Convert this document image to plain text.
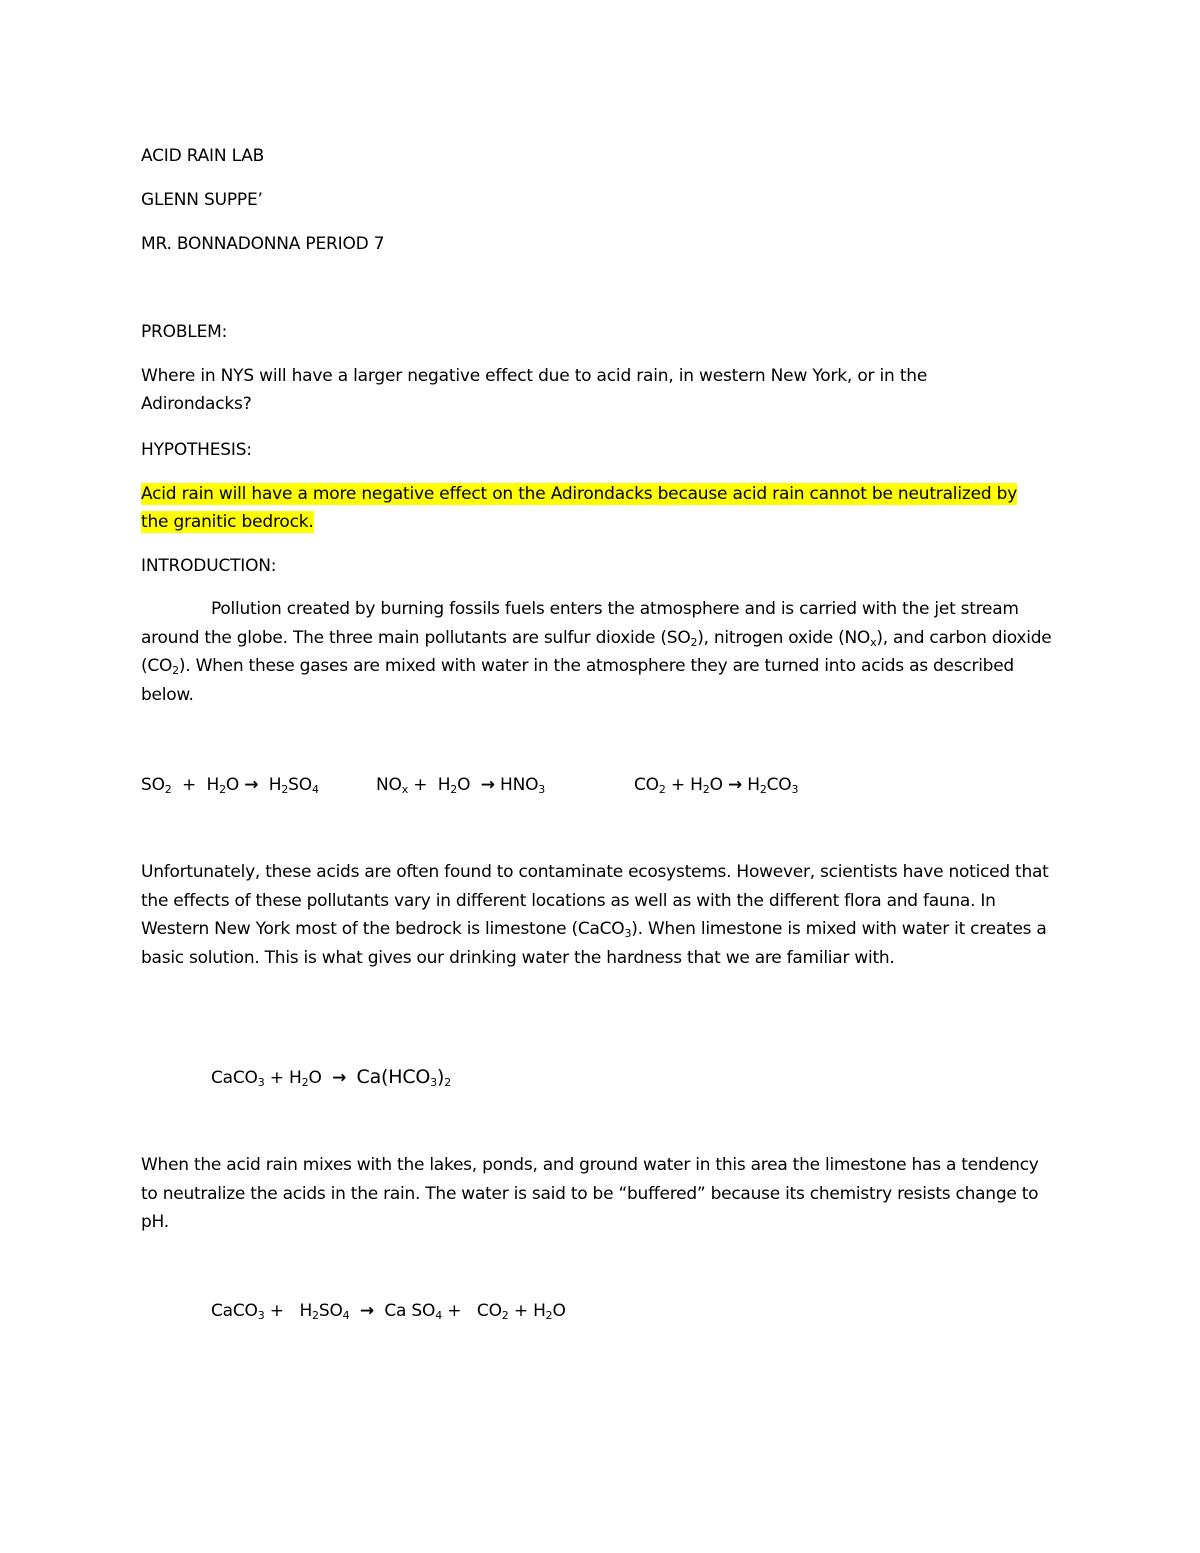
ACID RAIN LAB
GLENN SUPPE’
MR. BONNADONNA PERIOD 7
PROBLEM:
Where in NYS will have a larger negative effect due to acid rain, in western New York, or in the
Adirondacks?
HYPOTHESIS:
Acid rain will have a more negative effect on the Adirondacks because acid rain cannot be neutralized by
the granitic bedrock.
INTRODUCTION:

Pollution created by burning fossils fuels enters the atmosphere and is carried with the jet stream around the globe. The three main pollutants are sulfur dioxide $(SO_2)$, nitrogen oxide $(NO_x)$, and carbon dioxide $(CO_2)$. When these gases are mixed with water in the atmosphere they are turned into acids as described below.

$SO_2 + H_2O \to H_2SO_4$	$NO_x + H_2O \to HNO_3$	$CO_2 + H_2O \to H_2CO_3$

Unfortunately, these acids are often found to contaminate ecosystems. However, scientists have noticed that the effects of these pollutants vary in different locations as well as with the different flora and fauna. In Western New York most of the bedrock is limestone (CaCO$_3$). When limestone is mixed with water it creates a basic solution. This is what gives our drinking water the hardness that we are familiar with.

CaCO$_3$ + $H_2O \to Ca(HCO_3)_2$

When the acid rain mixes with the lakes, ponds, and ground water in this area the limestone has a tendency to neutralize the acids in the rain. The water is said to be “buffered” because its chemistry resists change to pH.

CaCO$_3$ + $H_2SO_4 \to Ca$ $SO_4 + CO_2 + H_2O$
